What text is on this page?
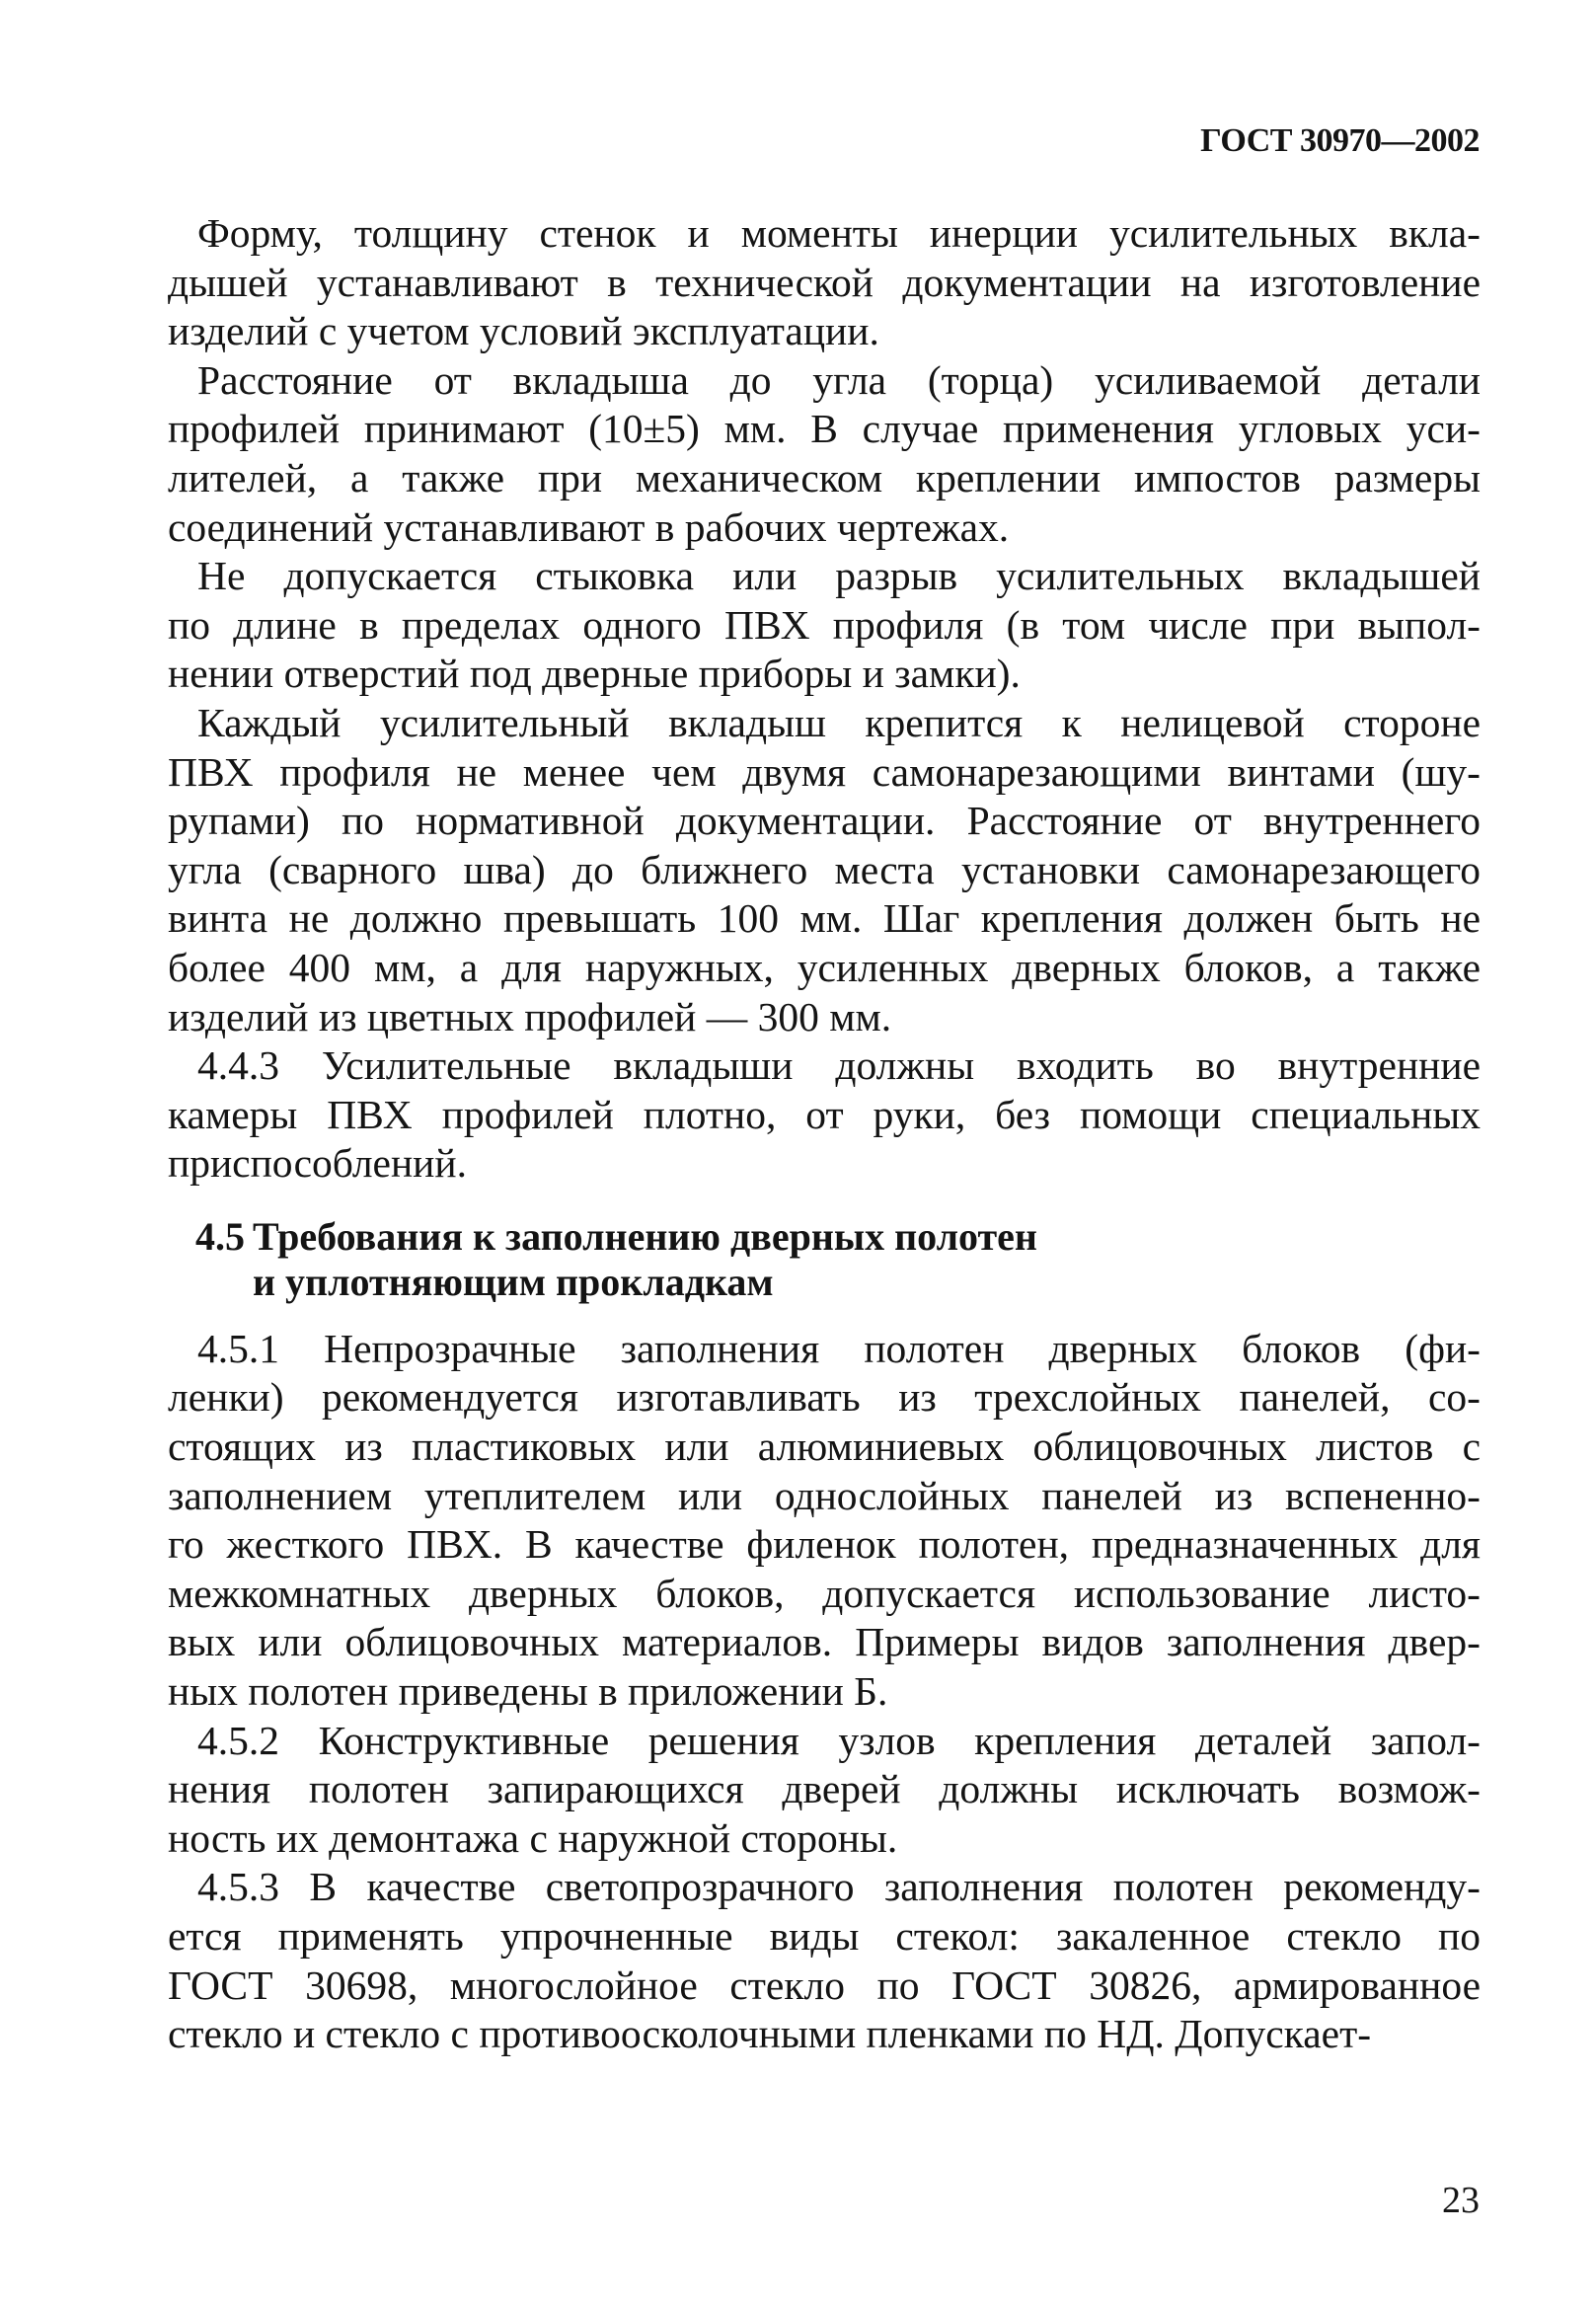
ГОСТ 30970—2002

Форму, толщину стенок и моменты инерции усилительных вкла-
дышей устанавливают в технической документации на изготовление
изделий с учетом условий эксплуатации.

Расстояние от вкладыша до угла (торца) усиливаемой детали
профилей принимают (10±5) мм. В случае применения угловых уси-
лителей, а также при механическом креплении импостов размеры
соединений устанавливают в рабочих чертежах.

Не допускается стыковка или разрыв усилительных вкладышей
по длине в пределах одного ПВХ профиля (в том числе при выпол-
нении отверстий под дверные приборы и замки).

Каждый усилительный вкладыш крепится к нелицевой стороне
ПВХ профиля не менее чем двумя самонарезающими винтами (шу-
рупами) по нормативной документации. Расстояние от внутреннего
угла (сварного шва) до ближнего места установки самонарезающего
винта не должно превышать 100 мм. Шаг крепления должен быть не
более 400 мм, а для наружных, усиленных дверных блоков, а также
изделий из цветных профилей — 300 мм.

4.4.3 Усилительные вкладыши должны входить во внутренние
камеры ПВХ профилей плотно, от руки, без помощи специальных
приспособлений.

4.5 Требования к заполнению дверных полотен
и уплотняющим прокладкам

4.5.1 Непрозрачные заполнения полотен дверных блоков (фи-
ленки) рекомендуется изготавливать из трехслойных панелей, со-
стоящих из пластиковых или алюминиевых облицовочных листов с
заполнением утеплителем или однослойных панелей из вспененно-
го жесткого ПВХ. В качестве филенок полотен, предназначенных для
межкомнатных дверных блоков, допускается использование листо-
вых или облицовочных материалов. Примеры видов заполнения двер-
ных полотен приведены в приложении Б.

4.5.2 Конструктивные решения узлов крепления деталей запол-
нения полотен запирающихся дверей должны исключать возмож-
ность их демонтажа с наружной стороны.

4.5.3 В качестве светопрозрачного заполнения полотен рекоменду-
ется применять упрочненные виды стекол: закаленное стекло по
ГОСТ 30698, многослойное стекло по ГОСТ 30826, армированное
стекло и стекло с противоосколочными пленками по НД. Допускает-

23
